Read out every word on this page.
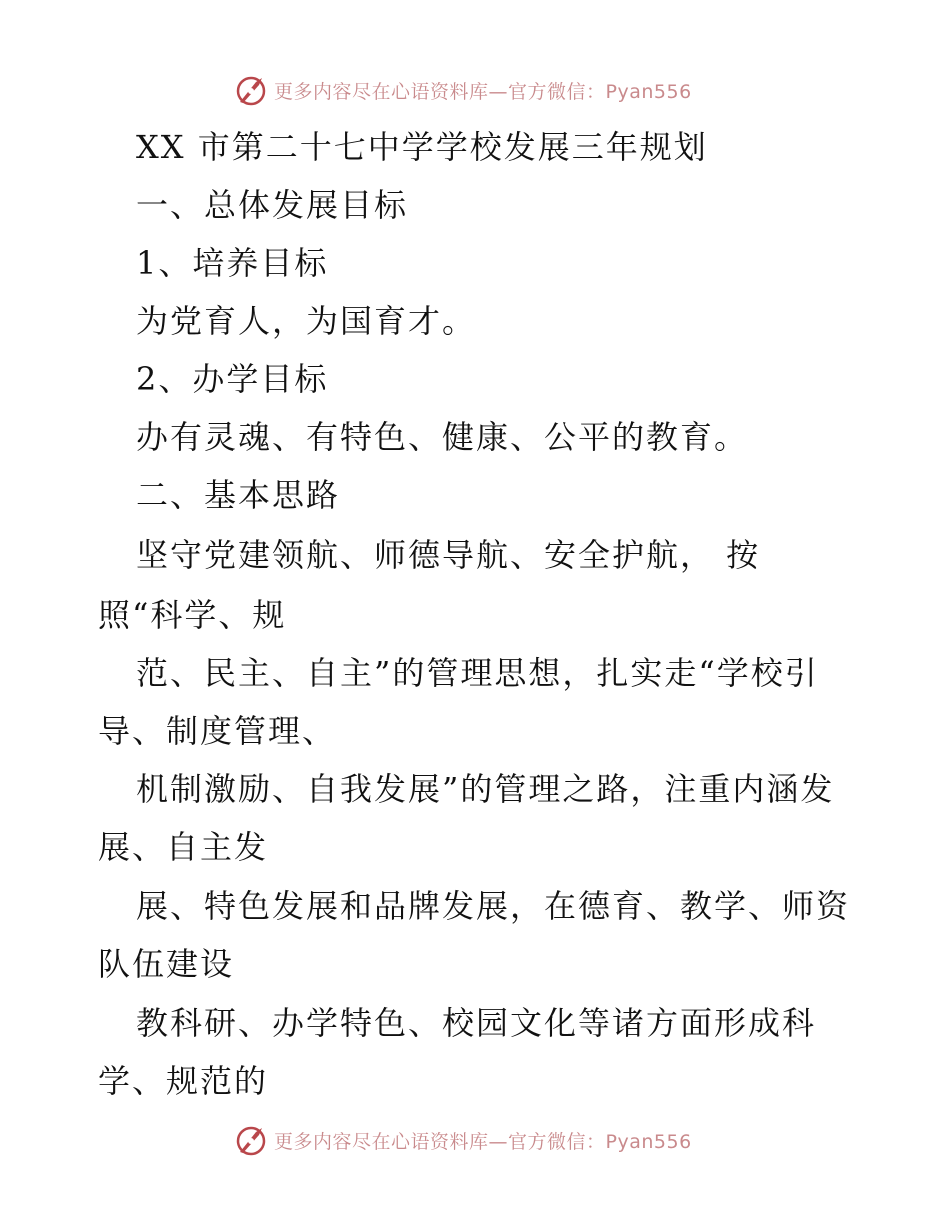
更多内容尽在心语资料库—官方微信：Pyan556
XX 市第二十七中学学校发展三年规划
一、总体发展目标
1、培养目标
为党育人，为国育才。
2、办学目标
办有灵魂、有特色、健康、公平的教育。
二、基本思路
坚守党建领航、师德导航、安全护航， 按
照“科学、规
范、民主、自主”的管理思想，扎实走“学校引
导、制度管理、
机制激励、自我发展”的管理之路，注重内涵发
展、自主发
展、特色发展和品牌发展，在德育、教学、师资
队伍建设
教科研、办学特色、校园文化等诸方面形成科
学、规范的
更多内容尽在心语资料库—官方微信：Pyan556
